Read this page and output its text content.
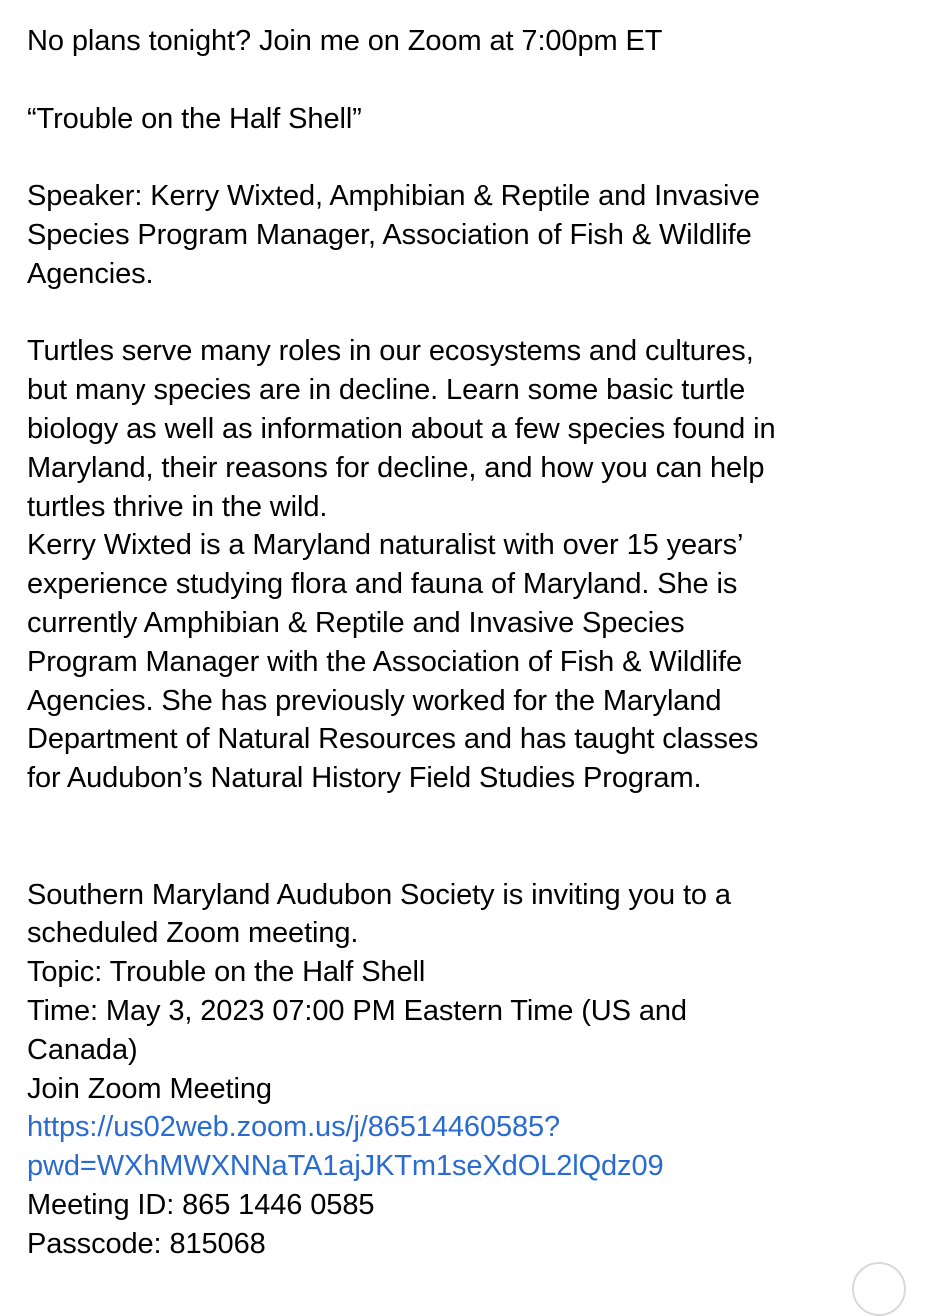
No plans tonight? Join me on Zoom at 7:00pm ET
“Trouble on the Half Shell”
Speaker: Kerry Wixted, Amphibian & Reptile and Invasive
Species Program Manager, Association of Fish & Wildlife
Agencies.
Turtles serve many roles in our ecosystems and cultures,
but many species are in decline. Learn some basic turtle
biology as well as information about a few species found in
Maryland, their reasons for decline, and how you can help
turtles thrive in the wild.
Kerry Wixted is a Maryland naturalist with over 15 years’
experience studying flora and fauna of Maryland. She is
currently Amphibian & Reptile and Invasive Species
Program Manager with the Association of Fish & Wildlife
Agencies. She has previously worked for the Maryland
Department of Natural Resources and has taught classes
for Audubon’s Natural History Field Studies Program.
Southern Maryland Audubon Society is inviting you to a
scheduled Zoom meeting.
Topic: Trouble on the Half Shell
Time: May 3, 2023 07:00 PM Eastern Time (US and
Canada)
Join Zoom Meeting
https://us02web.zoom.us/j/86514460585?
pwd=WXhMWXNNaTA1ajJKTm1seXdOL2lQdz09
Meeting ID: 865 1446 0585
Passcode: 815068
